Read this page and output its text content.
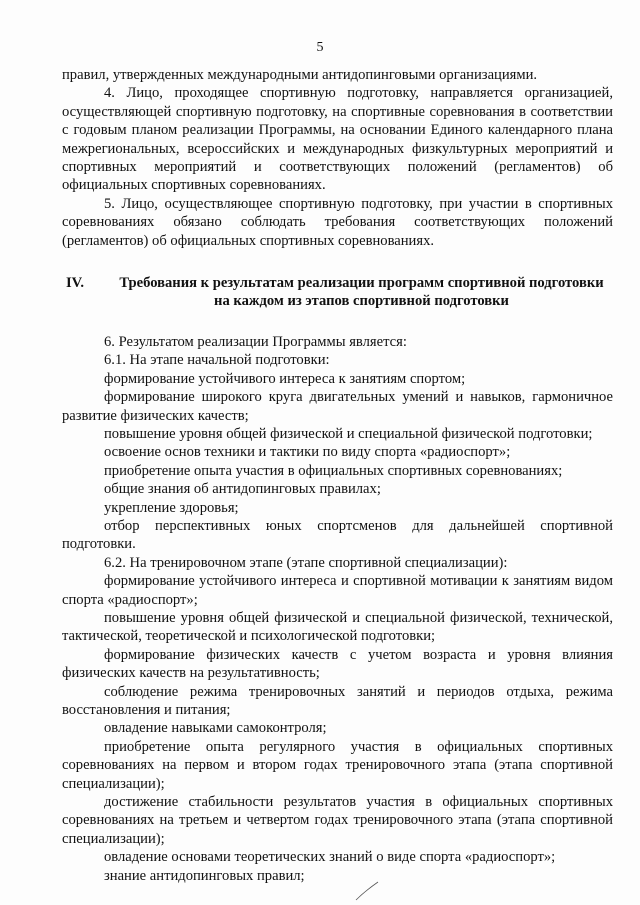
5

правил, утвержденных международными антидопинговыми организациями.

4. Лицо, проходящее спортивную подготовку, направляется организацией, осуществляющей спортивную подготовку, на спортивные соревнования в соответствии с годовым планом реализации Программы, на основании Единого календарного плана межрегиональных, всероссийских и международных физкультурных мероприятий и спортивных мероприятий и соответствующих положений (регламентов) об официальных спортивных соревнованиях.

5. Лицо, осуществляющее спортивную подготовку, при участии в спортивных соревнованиях обязано соблюдать требования соответствующих положений (регламентов) об официальных спортивных соревнованиях.

IV.	Требования к результатам реализации программ спортивной подготовки
на каждом из этапов спортивной подготовки

6. Результатом реализации Программы является:

6.1. На этапе начальной подготовки:

формирование устойчивого интереса к занятиям спортом;

формирование широкого круга двигательных умений и навыков, гармоничное развитие физических качеств;

повышение уровня общей физической и специальной физической подготовки;

освоение основ техники и тактики по виду спорта «радиоспорт»;

приобретение опыта участия в официальных спортивных соревнованиях;

общие знания об антидопинговых правилах;

укрепление здоровья;

отбор перспективных юных спортсменов для дальнейшей спортивной подготовки.

6.2. На тренировочном этапе (этапе спортивной специализации):

формирование устойчивого интереса и спортивной мотивации к занятиям видом спорта «радиоспорт»;

повышение уровня общей физической и специальной физической, технической, тактической, теоретической и психологической подготовки;

формирование физических качеств с учетом возраста и уровня влияния физических качеств на результативность;

соблюдение режима тренировочных занятий и периодов отдыха, режима восстановления и питания;

овладение навыками самоконтроля;

приобретение опыта регулярного участия в официальных спортивных соревнованиях на первом и втором годах тренировочного этапа (этапа спортивной специализации);

достижение стабильности результатов участия в официальных спортивных соревнованиях на третьем и четвертом годах тренировочного этапа (этапа спортивной специализации);

овладение основами теоретических знаний о виде спорта «радиоспорт»;

знание антидопинговых правил;
